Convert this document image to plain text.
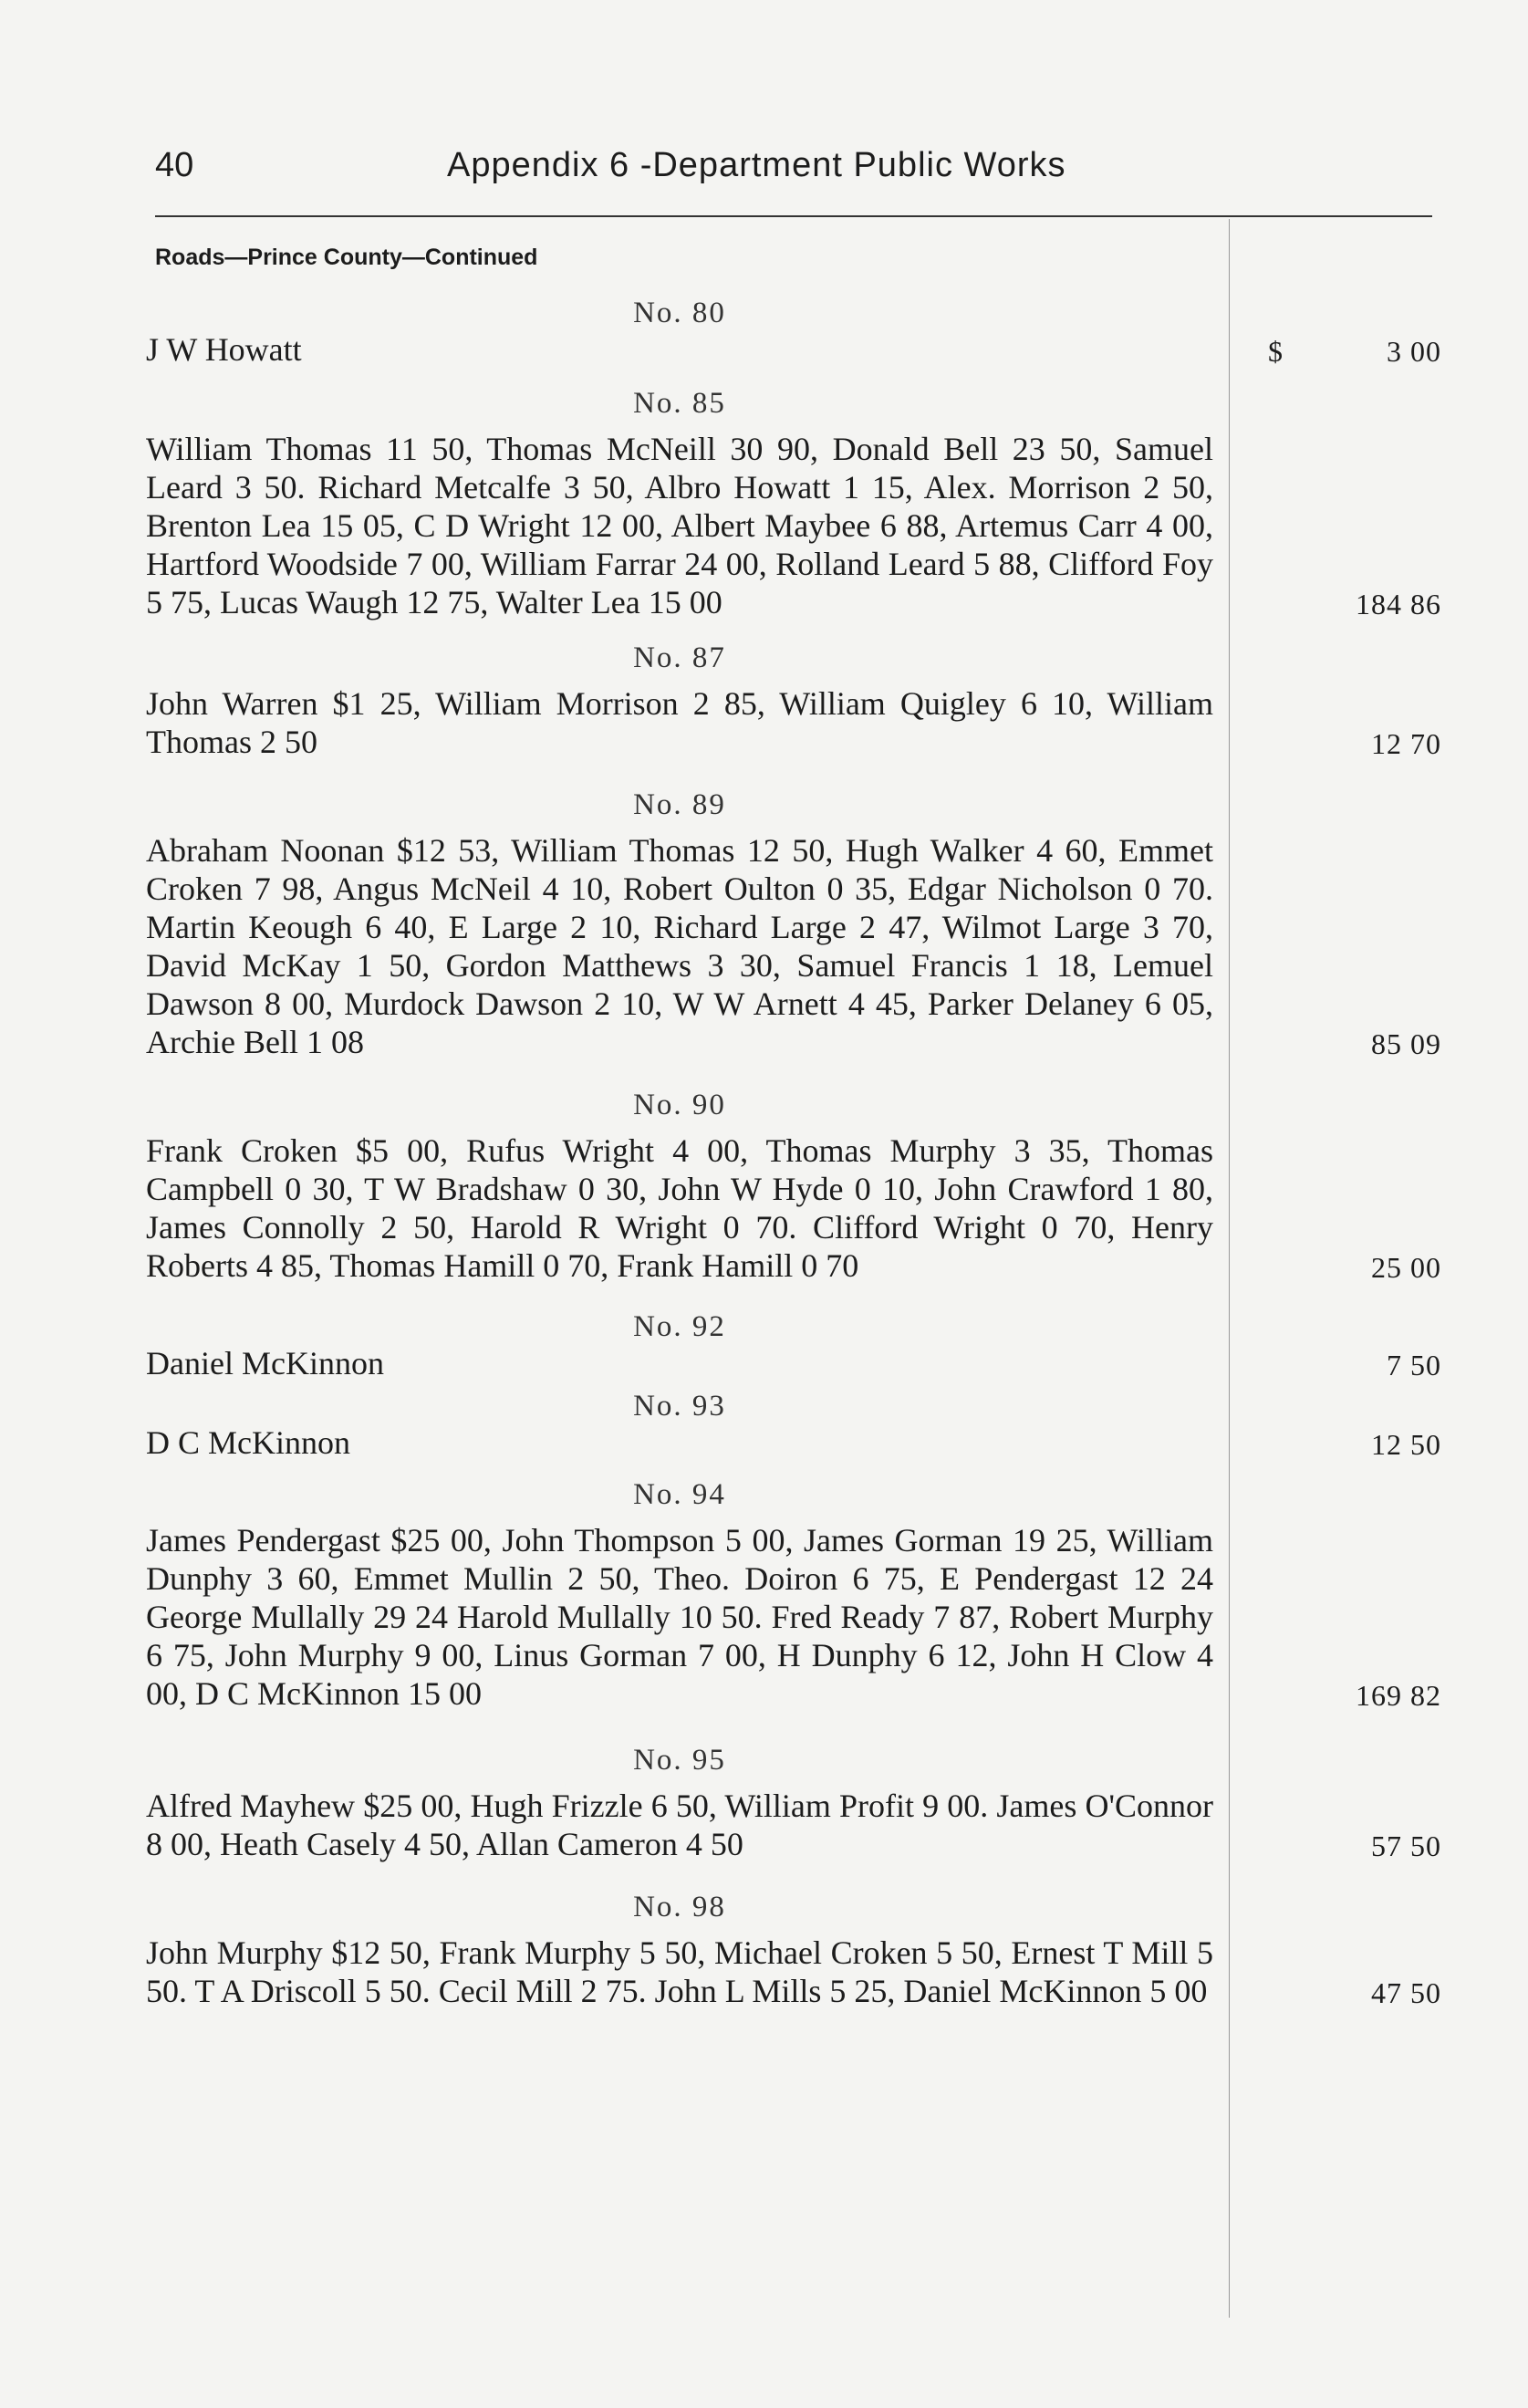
40	Appendix 6 -Department Public Works
Roads—Prince County—Continued
No. 80
J W Howatt	$	3 00
No. 85
William Thomas 11 50, Thomas McNeill 30 90, Donald Bell 23 50, Samuel Leard 3 50. Richard Metcalfe 3 50, Albro Howatt 1 15, Alex. Morrison 2 50, Brenton Lea 15 05, C D Wright 12 00, Albert Maybee 6 88, Artemus Carr 4 00, Hartford Woodside 7 00, William Farrar 24 00, Rolland Leard 5 88, Clifford Foy 5 75, Lucas Waugh 12 75, Walter Lea 15 00	184 86
No. 87
John Warren $1 25, William Morrison 2 85, William Quigley 6 10, William Thomas 2 50	12 70
No. 89
Abraham Noonan $12 53, William Thomas 12 50, Hugh Walker 4 60, Emmet Croken 7 98, Angus McNeil 4 10, Robert Oulton 0 35, Edgar Nicholson 0 70. Martin Keough 6 40, E Large 2 10, Richard Large 2 47, Wilmot Large 3 70, David McKay 1 50, Gordon Matthews 3 30, Samuel Francis 1 18, Lemuel Dawson 8 00, Murdock Dawson 2 10, W W Arnett 4 45, Parker Delaney 6 05, Archie Bell 1 08	85 09
No. 90
Frank Croken $5 00, Rufus Wright 4 00, Thomas Murphy 3 35, Thomas Campbell 0 30, T W Bradshaw 0 30, John W Hyde 0 10, John Crawford 1 80, James Connolly 2 50, Harold R Wright 0 70. Clifford Wright 0 70, Henry Roberts 4 85, Thomas Hamill 0 70, Frank Hamill 0 70	25 00
No. 92
Daniel McKinnon	7 50
No. 93
D C McKinnon	12 50
No. 94
James Pendergast $25 00, John Thompson 5 00, James Gorman 19 25, William Dunphy 3 60, Emmet Mullin 2 50, Theo. Doiron 6 75, E Pendergast 12 24 George Mullally 29 24 Harold Mullally 10 50. Fred Ready 7 87, Robert Murphy 6 75, John Murphy 9 00, Linus Gorman 7 00, H Dunphy 6 12, John H Clow 4 00, D C McKinnon 15 00	169 82
No. 95
Alfred Mayhew $25 00, Hugh Frizzle 6 50, William Profit 9 00. James O'Connor 8 00, Heath Casely 4 50, Allan Cameron 4 50	57 50
No. 98
John Murphy $12 50, Frank Murphy 5 50, Michael Croken 5 50, Ernest T Mill 5 50. T A Driscoll 5 50. Cecil Mill 2 75. John L Mills 5 25, Daniel McKinnon 5 00	47 50
